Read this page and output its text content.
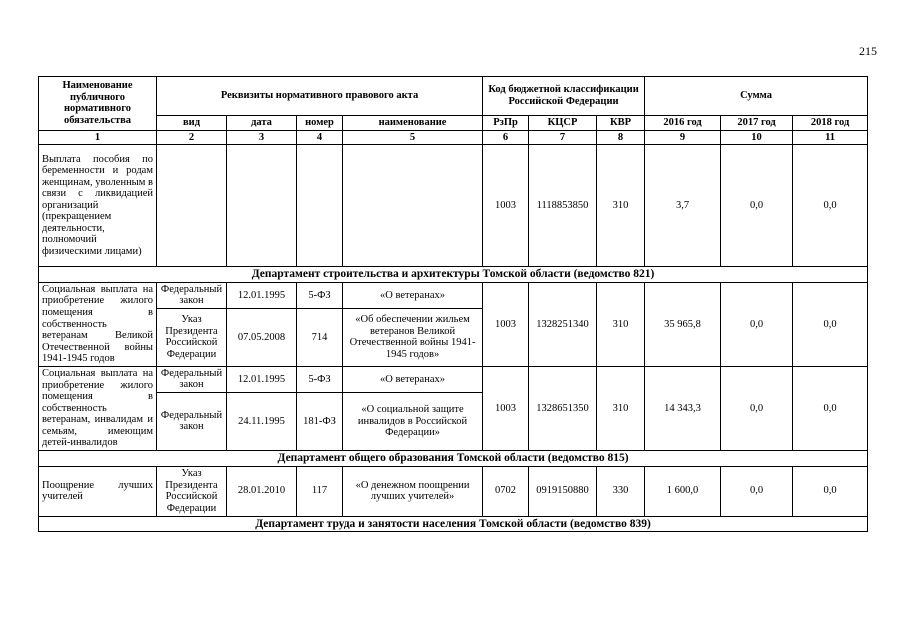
215
Наименование публичного нормативного обязательства	Реквизиты нормативного правового акта				Код бюджетной классификации Российской Федерации			Сумма		
	вид	дата	номер	наименование	РзПр	КЦСР	КВР	2016 год	2017 год	2018 год
1	2	3	4	5	6	7	8	9	10	11
Выплата пособия по беременности и родам женщинам, уволенным в связи с ликвидацией организаций (прекращением деятельности, полномочий физическими лицами)					1003	1118853850	310	3,7	0,0	0,0
Департамент строительства и архитектуры Томской области (ведомство 821)										
Социальная выплата на приобретение жилого помещения в собственность ветеранам Великой Отечественной войны 1941-1945 годов	Федеральный закон	12.01.1995	5-ФЗ	«О ветеранах»	1003	1328251340	310	35 965,8	0,0	0,0
	Указ Президента Российской Федерации	07.05.2008	714	«Об обеспечении жильем ветеранов Великой Отечественной войны 1941-1945 годов»						
Социальная выплата на приобретение жилого помещения в собственность ветеранам, инвалидам и семьям, имеющим детей-инвалидов	Федеральный закон	12.01.1995	5-ФЗ	«О ветеранах»	1003	1328651350	310	14 343,3	0,0	0,0
	Федеральный закон	24.11.1995	181-ФЗ	«О социальной защите инвалидов в Российской Федерации»						
Департамент общего образования Томской области (ведомство 815)										
Поощрение лучших учителей	Указ Президента Российской Федерации	28.01.2010	117	«О денежном поощрении лучших учителей»	0702	0919150880	330	1 600,0	0,0	0,0
Департамент труда и занятости населения Томской области (ведомство 839)										
